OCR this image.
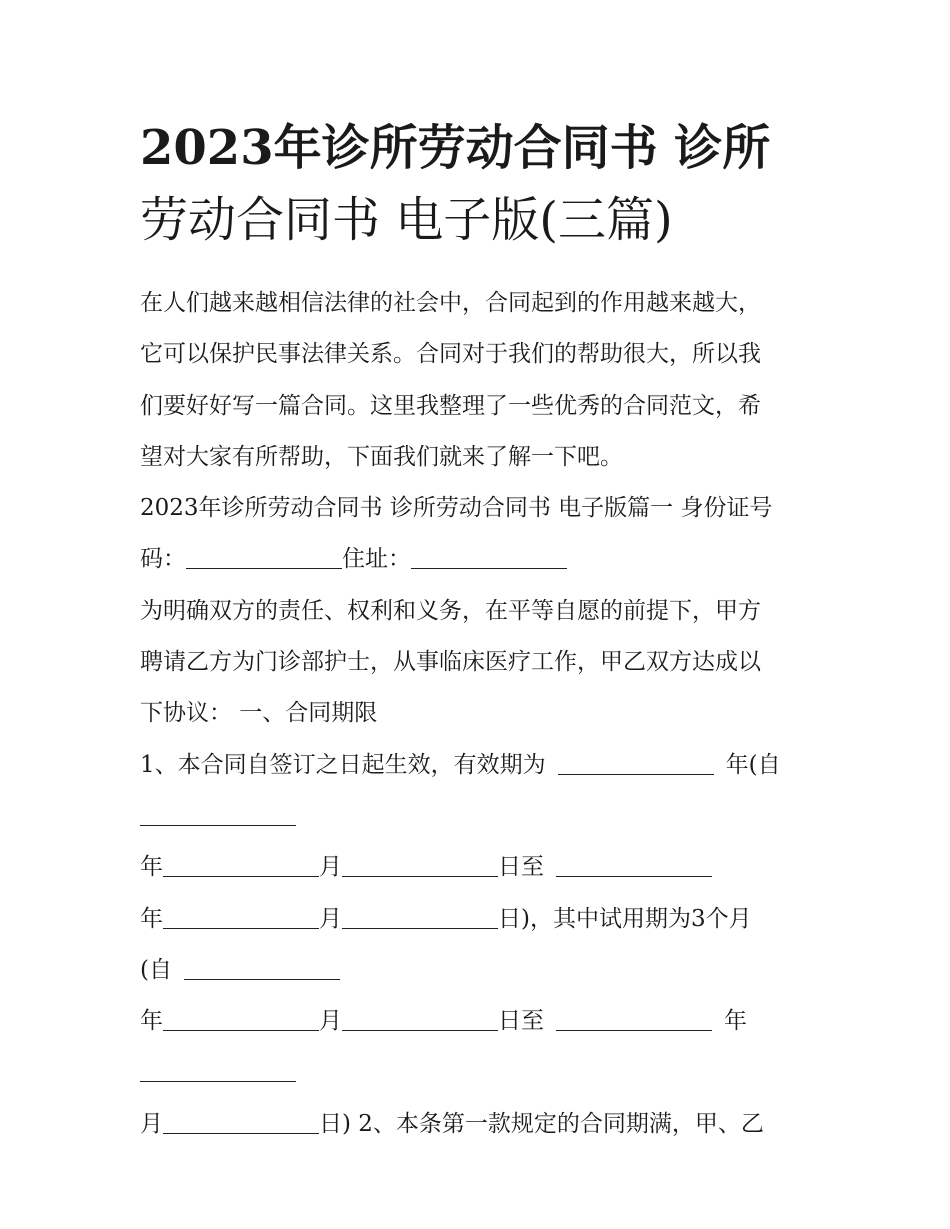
2023年诊所劳动合同书 诊所
劳动合同书 电子版(三篇)
在人们越来越相信法律的社会中，合同起到的作用越来越大，
它可以保护民事法律关系。合同对于我们的帮助很大，所以我
们要好好写一篇合同。这里我整理了一些优秀的合同范文，希
望对大家有所帮助，下面我们就来了解一下吧。
2023年诊所劳动合同书 诊所劳动合同书 电子版篇一 身份证号
码：	住址：
为明确双方的责任、权利和义务，在平等自愿的前提下，甲方
聘请乙方为门诊部护士，从事临床医疗工作，甲乙双方达成以
下协议： 一、合同期限
1、本合同自签订之日起生效，有效期为	年(自
年	月	日至
年	月	日)，其中试用期为3个月
(自
年	月	日至	年
月	日) 2、本条第一款规定的合同期满，甲、乙
